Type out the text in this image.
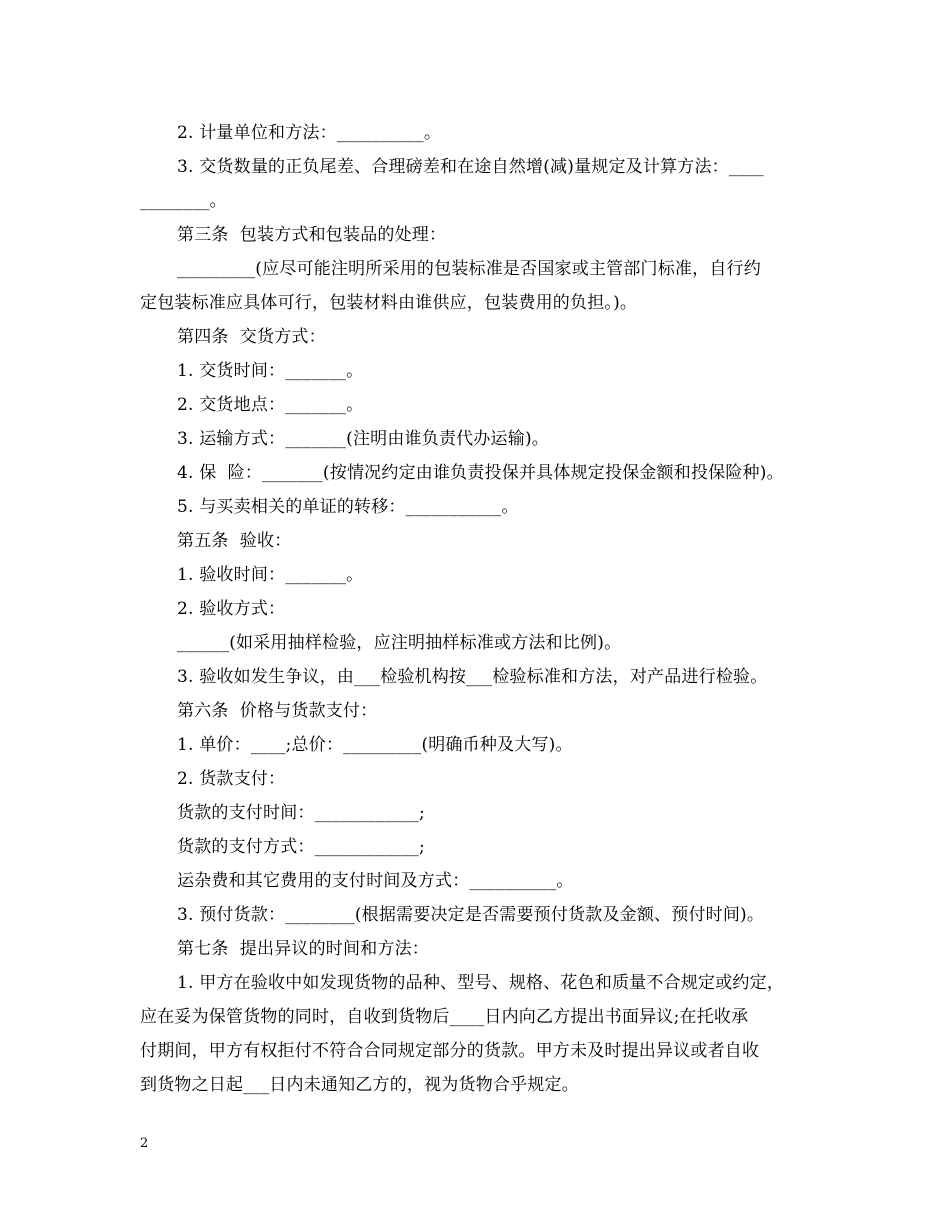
2. 计量单位和方法：__________。
3. 交货数量的正负尾差、合理磅差和在途自然增(减)量规定及计算方法：____
________。
第三条  包装方式和包装品的处理：
_________(应尽可能注明所采用的包装标准是否国家或主管部门标准，自行约
定包装标准应具体可行，包装材料由谁供应，包装费用的负担。)。
第四条  交货方式：
1. 交货时间：_______。
2. 交货地点：_______。
3. 运输方式：_______(注明由谁负责代办运输)。
4. 保  险：_______(按情况约定由谁负责投保并具体规定投保金额和投保险种)。
5. 与买卖相关的单证的转移：___________。
第五条  验收：
1. 验收时间：_______。
2. 验收方式：
______(如采用抽样检验，应注明抽样标准或方法和比例)。
3. 验收如发生争议，由___检验机构按___检验标准和方法，对产品进行检验。
第六条  价格与货款支付：
1. 单价：____;总价：_________(明确币种及大写)。
2. 货款支付：
货款的支付时间：____________;
货款的支付方式：____________;
运杂费和其它费用的支付时间及方式：__________。
3. 预付货款：________(根据需要决定是否需要预付货款及金额、预付时间)。
第七条  提出异议的时间和方法：
1. 甲方在验收中如发现货物的品种、型号、规格、花色和质量不合规定或约定，
应在妥为保管货物的同时，自收到货物后____日内向乙方提出书面异议;在托收承
付期间，甲方有权拒付不符合合同规定部分的货款。甲方未及时提出异议或者自收
到货物之日起___日内未通知乙方的，视为货物合乎规定。
2
